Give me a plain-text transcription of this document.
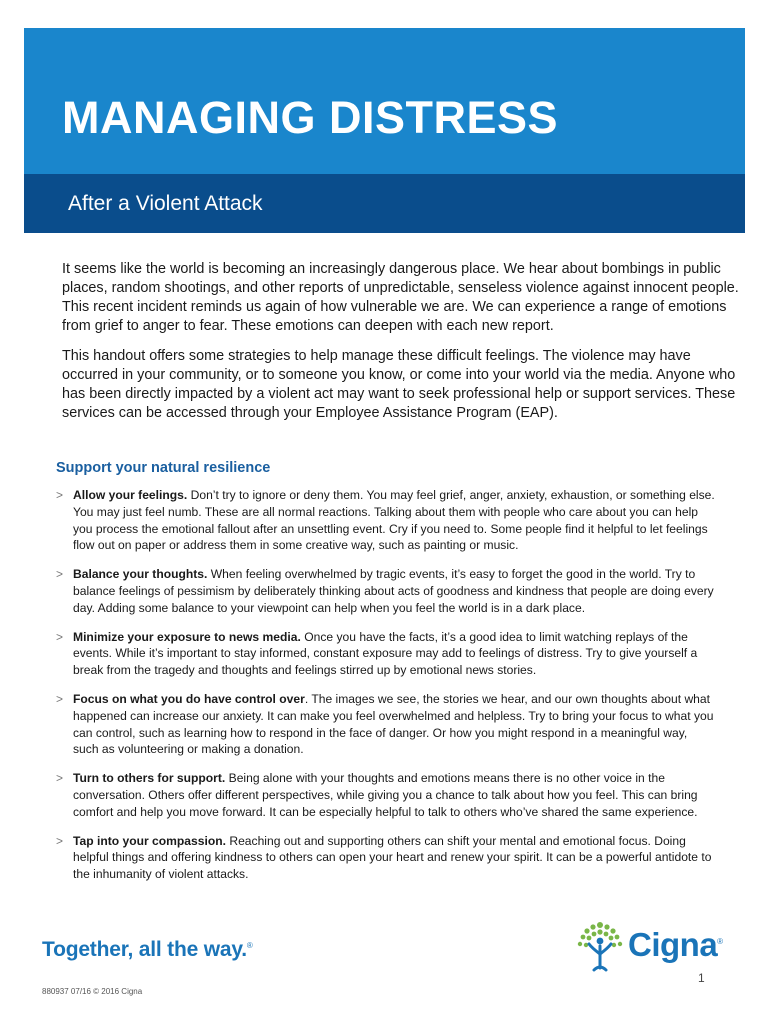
MANAGING DISTRESS
After a Violent Attack

It seems like the world is becoming an increasingly dangerous place. We hear about bombings in public places, random shootings, and other reports of unpredictable, senseless violence against innocent people. This recent incident reminds us again of how vulnerable we are. We can experience a range of emotions from grief to anger to fear. These emotions can deepen with each new report.

This handout offers some strategies to help manage these difficult feelings. The violence may have occurred in your community, or to someone you know, or come into your world via the media. Anyone who has been directly impacted by a violent act may want to seek professional help or support services. These services can be accessed through your Employee Assistance Program (EAP).

Support your natural resilience
> Allow your feelings. Don’t try to ignore or deny them. You may feel grief, anger, anxiety, exhaustion, or something else. You may just feel numb. These are all normal reactions. Talking about them with people who care about you can help you process the emotional fallout after an unsettling event. Cry if you need to. Some people find it helpful to let feelings flow out on paper or address them in some creative way, such as painting or music.
> Balance your thoughts. When feeling overwhelmed by tragic events, it’s easy to forget the good in the world. Try to balance feelings of pessimism by deliberately thinking about acts of goodness and kindness that people are doing every day. Adding some balance to your viewpoint can help when you feel the world is in a dark place.
> Minimize your exposure to news media. Once you have the facts, it’s a good idea to limit watching replays of the events. While it’s important to stay informed, constant exposure may add to feelings of distress. Try to give yourself a break from the tragedy and thoughts and feelings stirred up by emotional news stories.
> Focus on what you do have control over. The images we see, the stories we hear, and our own thoughts about what happened can increase our anxiety. It can make you feel overwhelmed and helpless. Try to bring your focus to what you can control, such as learning how to respond in the face of danger. Or how you might respond in a meaningful way, such as volunteering or making a donation.
> Turn to others for support. Being alone with your thoughts and emotions means there is no other voice in the conversation. Others offer different perspectives, while giving you a chance to talk about how you feel. This can bring comfort and help you move forward. It can be especially helpful to talk to others who’ve shared the same experience.
> Tap into your compassion. Reaching out and supporting others can shift your mental and emotional focus. Doing helpful things and offering kindness to others can open your heart and renew your spirit. It can be a powerful antidote to the inhumanity of violent attacks.
Together, all the way.®	Cigna®
1
880937 07/16 © 2016 Cigna
